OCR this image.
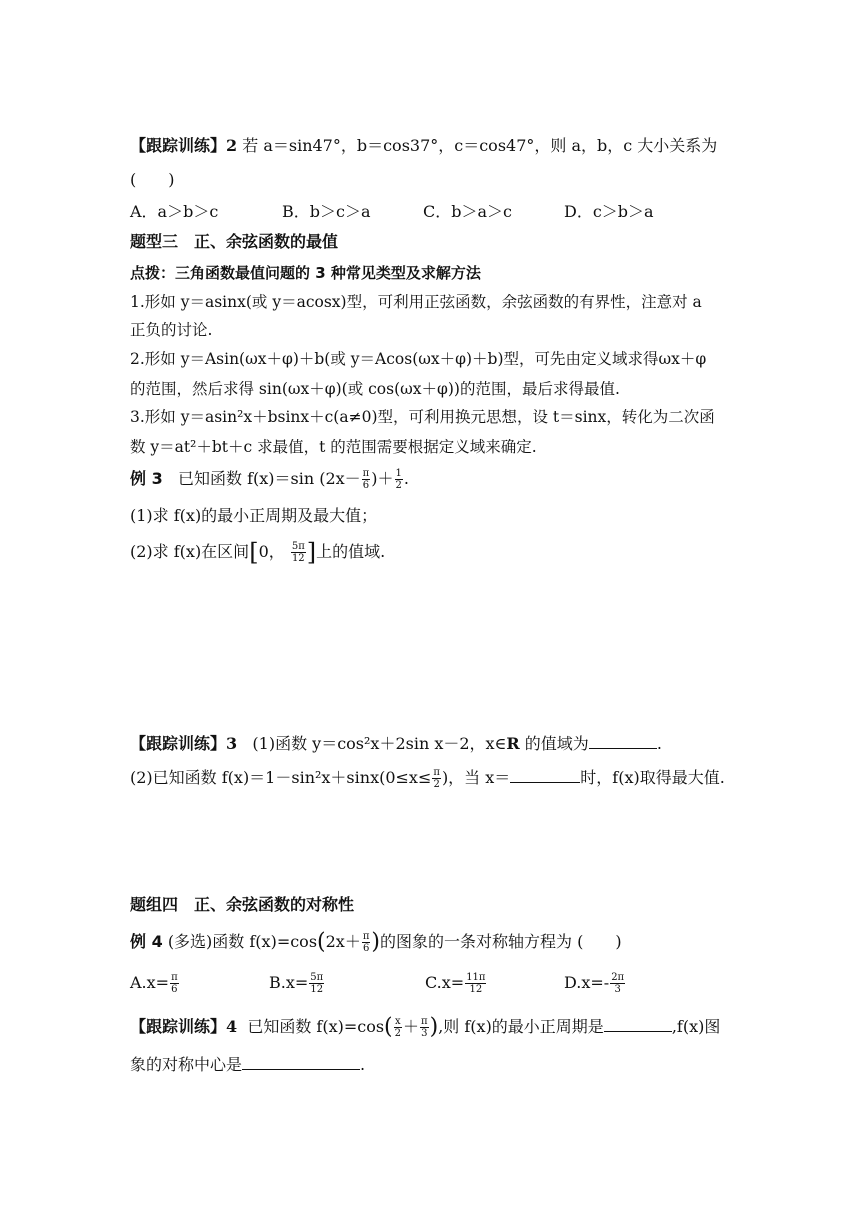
【跟踪训练】2 若 a＝sin47°，b＝cos37°，c＝cos47°，则 a，b，c 大小关系为
(　　)
A．a＞b＞c	B．b＞c＞a	C．b＞a＞c	D．c＞b＞a
题型三　正、余弦函数的最值
点拨：三角函数最值问题的 3 种常见类型及求解方法
1.形如 y＝asinx(或 y＝acosx)型，可利用正弦函数，余弦函数的有界性，注意对 a
正负的讨论.
2.形如 y＝Asin(ωx＋φ)＋b(或 y＝Acos(ωx＋φ)＋b)型，可先由定义域求得ωx＋φ
的范围，然后求得 sin(ωx＋φ)(或 cos(ωx＋φ))的范围，最后求得最值.
3.形如 y＝asin²x＋bsinx＋c(a≠0)型，可利用换元思想，设 t＝sinx，转化为二次函
数 y＝at²＋bt＋c 求最值，t 的范围需要根据定义域来确定.
例 3 已知函数 f(x)＝sin ($2x- \frac{\pi}{6}$ )＋ $\frac{1}{2}$ .
(1)求 f(x)的最小正周期及最大值；
(2)求 f(x)在区间[0， $\frac{5\pi}{12}$ ]上的值域.
【跟踪训练】3 (1)函数 y＝cos²x＋2sin x－2，x∈R 的值域为	.
(2)已知函数 $f(x)=1-\sin^2x+\sin x(0\le x\le \frac{\pi}{2}$ )，当 x＝	时，f(x)取得最大值.
题组四　正、余弦函数的对称性
例 4 (多选)函数 $f(x)=\cos(2x+ \frac{\pi}{6}$ )的图象的一条对称轴方程为 (　　)
$A.x= \frac{\pi}{6}$	$B.x= \frac{5\pi}{12}$	$C.x= \frac{11\pi}{12}$	$D.x=- \frac{2\pi}{3}$
【跟踪训练】4 已知函数 $f(x)=\cos( \frac{x}{2} + \frac{\pi}{3}$ ),则 f(x)的最小正周期是	,f(x)图
象的对称中心是	.
